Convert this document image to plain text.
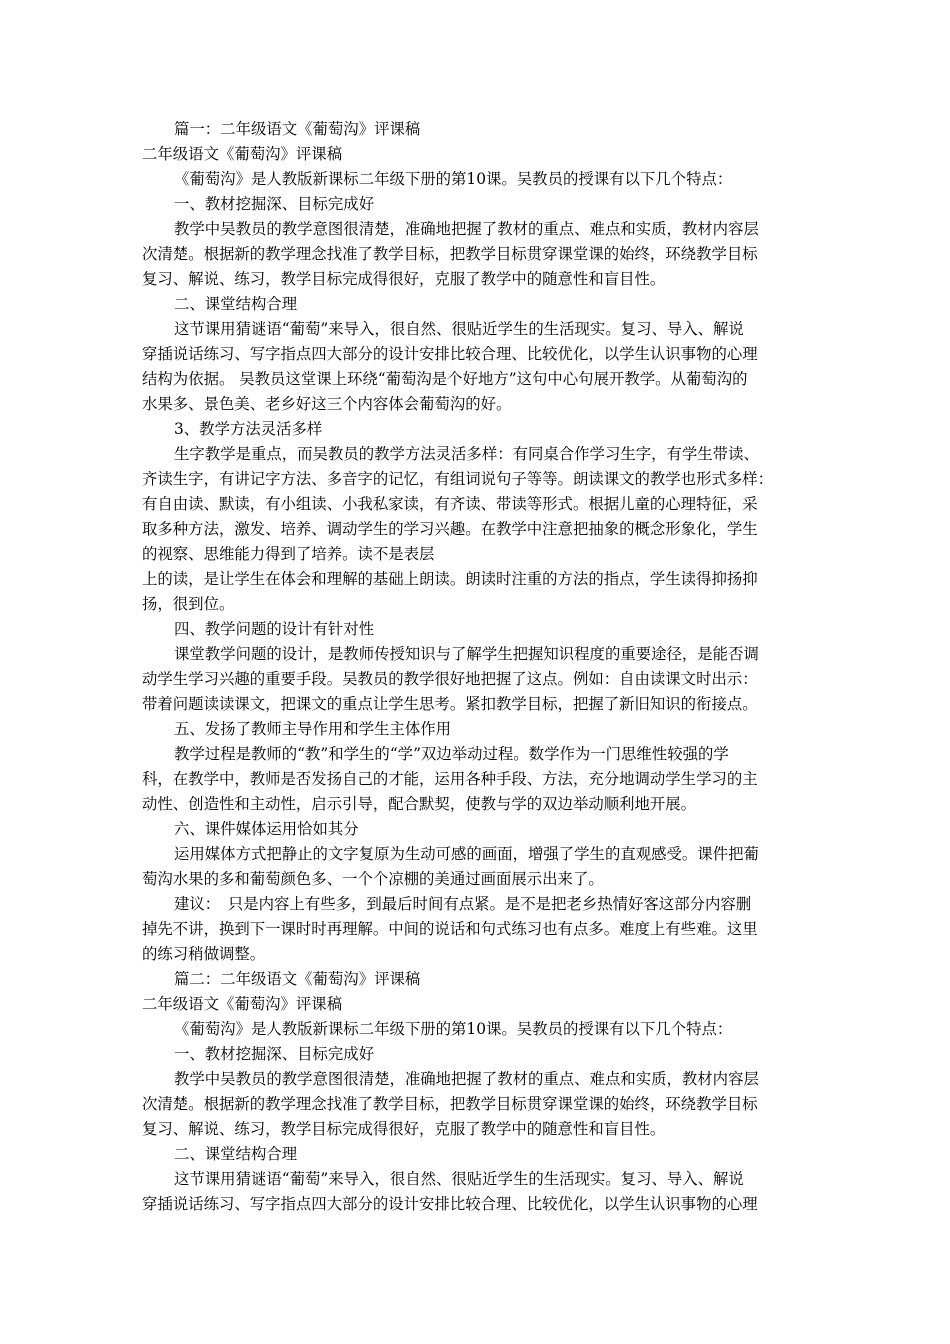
篇一：二年级语文《葡萄沟》评课稿
二年级语文《葡萄沟》评课稿
《葡萄沟》是人教版新课标二年级下册的第10课。吴教员的授课有以下几个特点：
一、教材挖掘深、目标完成好
教学中吴教员的教学意图很清楚，准确地把握了教材的重点、难点和实质，教材内容层
次清楚。根据新的教学理念找准了教学目标，把教学目标贯穿课堂课的始终，环绕教学目标
复习、解说、练习，教学目标完成得很好，克服了教学中的随意性和盲目性。
二、课堂结构合理
这节课用猜谜语“葡萄”来导入，很自然、很贴近学生的生活现实。复习、导入、解说
穿插说话练习、写字指点四大部分的设计安排比较合理、比较优化，以学生认识事物的心理
结构为依据。 吴教员这堂课上环绕“葡萄沟是个好地方”这句中心句展开教学。从葡萄沟的
水果多、景色美、老乡好这三个内容体会葡萄沟的好。
3、教学方法灵活多样
生字教学是重点，而吴教员的教学方法灵活多样：有同桌合作学习生字，有学生带读、
齐读生字，有讲记字方法、多音字的记忆，有组词说句子等等。朗读课文的教学也形式多样：
有自由读、默读，有小组读、小我私家读，有齐读、带读等形式。根据儿童的心理特征，采
取多种方法，激发、培养、调动学生的学习兴趣。在教学中注意把抽象的概念形象化，学生
的视察、思维能力得到了培养。读不是表层
上的读，是让学生在体会和理解的基础上朗读。朗读时注重的方法的指点，学生读得抑扬抑
扬，很到位。
四、教学问题的设计有针对性
课堂教学问题的设计，是教师传授知识与了解学生把握知识程度的重要途径，是能否调
动学生学习兴趣的重要手段。吴教员的教学很好地把握了这点。例如：自由读课文时出示：
带着问题读读课文，把课文的重点让学生思考。紧扣教学目标，把握了新旧知识的衔接点。
五、发扬了教师主导作用和学生主体作用
教学过程是教师的“教”和学生的“学”双边举动过程。数学作为一门思维性较强的学
科，在教学中，教师是否发扬自己的才能，运用各种手段、方法，充分地调动学生学习的主
动性、创造性和主动性，启示引导，配合默契，使教与学的双边举动顺利地开展。
六、课件媒体运用恰如其分
运用媒体方式把静止的文字复原为生动可感的画面，增强了学生的直观感受。课件把葡
萄沟水果的多和葡萄颜色多、一个个凉棚的美通过画面展示出来了。
建议：　只是内容上有些多，到最后时间有点紧。是不是把老乡热情好客这部分内容删
掉先不讲，换到下一课时时再理解。中间的说话和句式练习也有点多。难度上有些难。这里
的练习稍做调整。
篇二：二年级语文《葡萄沟》评课稿
二年级语文《葡萄沟》评课稿
《葡萄沟》是人教版新课标二年级下册的第10课。吴教员的授课有以下几个特点：
一、教材挖掘深、目标完成好
教学中吴教员的教学意图很清楚，准确地把握了教材的重点、难点和实质，教材内容层
次清楚。根据新的教学理念找准了教学目标，把教学目标贯穿课堂课的始终，环绕教学目标
复习、解说、练习，教学目标完成得很好，克服了教学中的随意性和盲目性。
二、课堂结构合理
这节课用猜谜语“葡萄”来导入，很自然、很贴近学生的生活现实。复习、导入、解说
穿插说话练习、写字指点四大部分的设计安排比较合理、比较优化，以学生认识事物的心理
